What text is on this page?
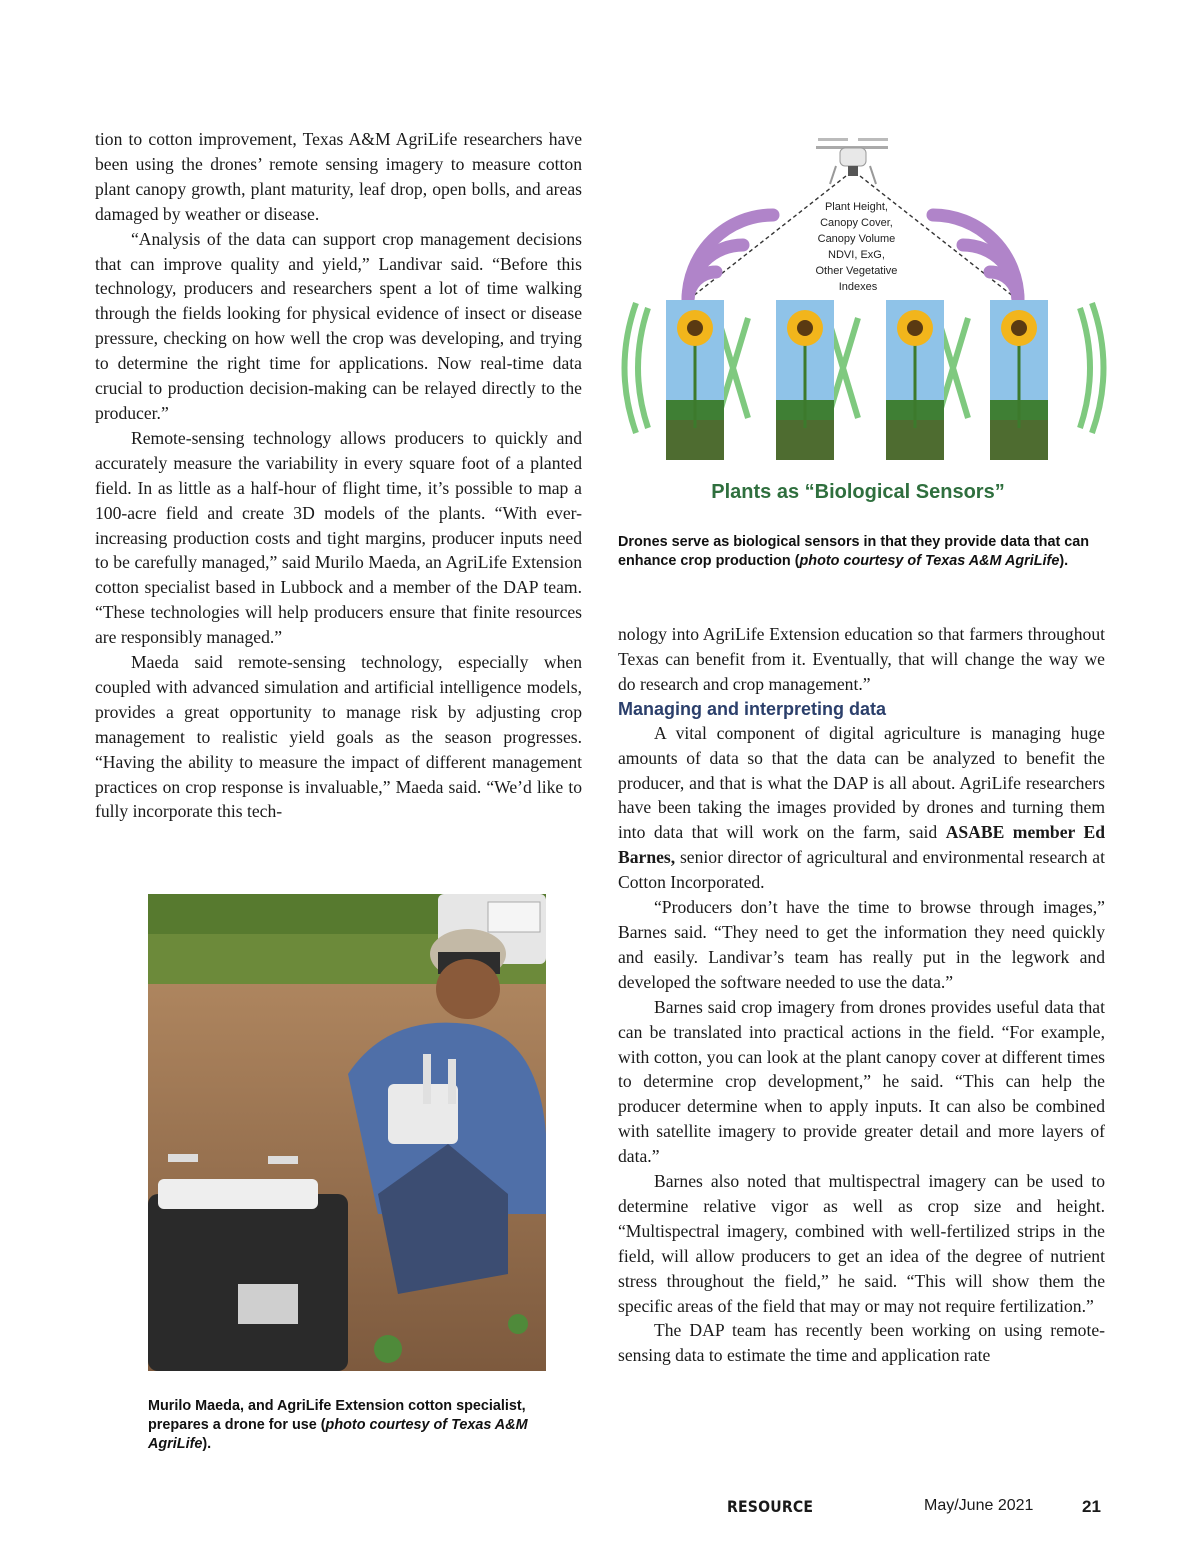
tion to cotton improvement, Texas A&M AgriLife researchers have been using the drones’ remote sensing imagery to measure cotton plant canopy growth, plant maturity, leaf drop, open bolls, and areas damaged by weather or disease.

“Analysis of the data can support crop management decisions that can improve quality and yield,” Landivar said. “Before this technology, producers and researchers spent a lot of time walking through the fields looking for physical evidence of insect or disease pressure, checking on how well the crop was developing, and trying to determine the right time for applications. Now real-time data crucial to production decision-making can be relayed directly to the producer.”

Remote-sensing technology allows producers to quickly and accurately measure the variability in every square foot of a planted field. In as little as a half-hour of flight time, it’s possible to map a 100-acre field and create 3D models of the plants. “With ever-increasing production costs and tight margins, producer inputs need to be carefully managed,” said Murilo Maeda, an AgriLife Extension cotton specialist based in Lubbock and a member of the DAP team. “These technologies will help producers ensure that finite resources are responsibly managed.”

Maeda said remote-sensing technology, especially when coupled with advanced simulation and artificial intelligence models, provides a great opportunity to manage risk by adjusting crop management to realistic yield goals as the season progresses. “Having the ability to measure the impact of different management practices on crop response is invaluable,” Maeda said. “We’d like to fully incorporate this tech-

Plant Height, Canopy Cover, Canopy Volume NDVI, ExG, Other Vegetative Indexes
Plants as “Biological Sensors”
Drones serve as biological sensors in that they provide data that can enhance crop production (photo courtesy of Texas A&M AgriLife).

nology into AgriLife Extension education so that farmers throughout Texas can benefit from it. Eventually, that will change the way we do research and crop management.”

Managing and interpreting data

A vital component of digital agriculture is managing huge amounts of data so that the data can be analyzed to benefit the producer, and that is what the DAP is all about. AgriLife researchers have been taking the images provided by drones and turning them into data that will work on the farm, said ASABE member Ed Barnes, senior director of agricultural and environmental research at Cotton Incorporated.

“Producers don’t have the time to browse through images,” Barnes said. “They need to get the information they need quickly and easily. Landivar’s team has really put in the legwork and developed the software needed to use the data.”

Barnes said crop imagery from drones provides useful data that can be translated into practical actions in the field. “For example, with cotton, you can look at the plant canopy cover at different times to determine crop development,” he said. “This can help the producer determine when to apply inputs. It can also be combined with satellite imagery to provide greater detail and more layers of data.”

Barnes also noted that multispectral imagery can be used to determine relative vigor as well as crop size and height. “Multispectral imagery, combined with well-fertilized strips in the field, will allow producers to get an idea of the degree of nutrient stress throughout the field,” he said. “This will show them the specific areas of the field that may or may not require fertilization.”

The DAP team has recently been working on using remote-sensing data to estimate the time and application rate

Murilo Maeda, and AgriLife Extension cotton specialist, prepares a drone for use (photo courtesy of Texas A&M AgriLife).
RESOURCE	May/June 2021	21
